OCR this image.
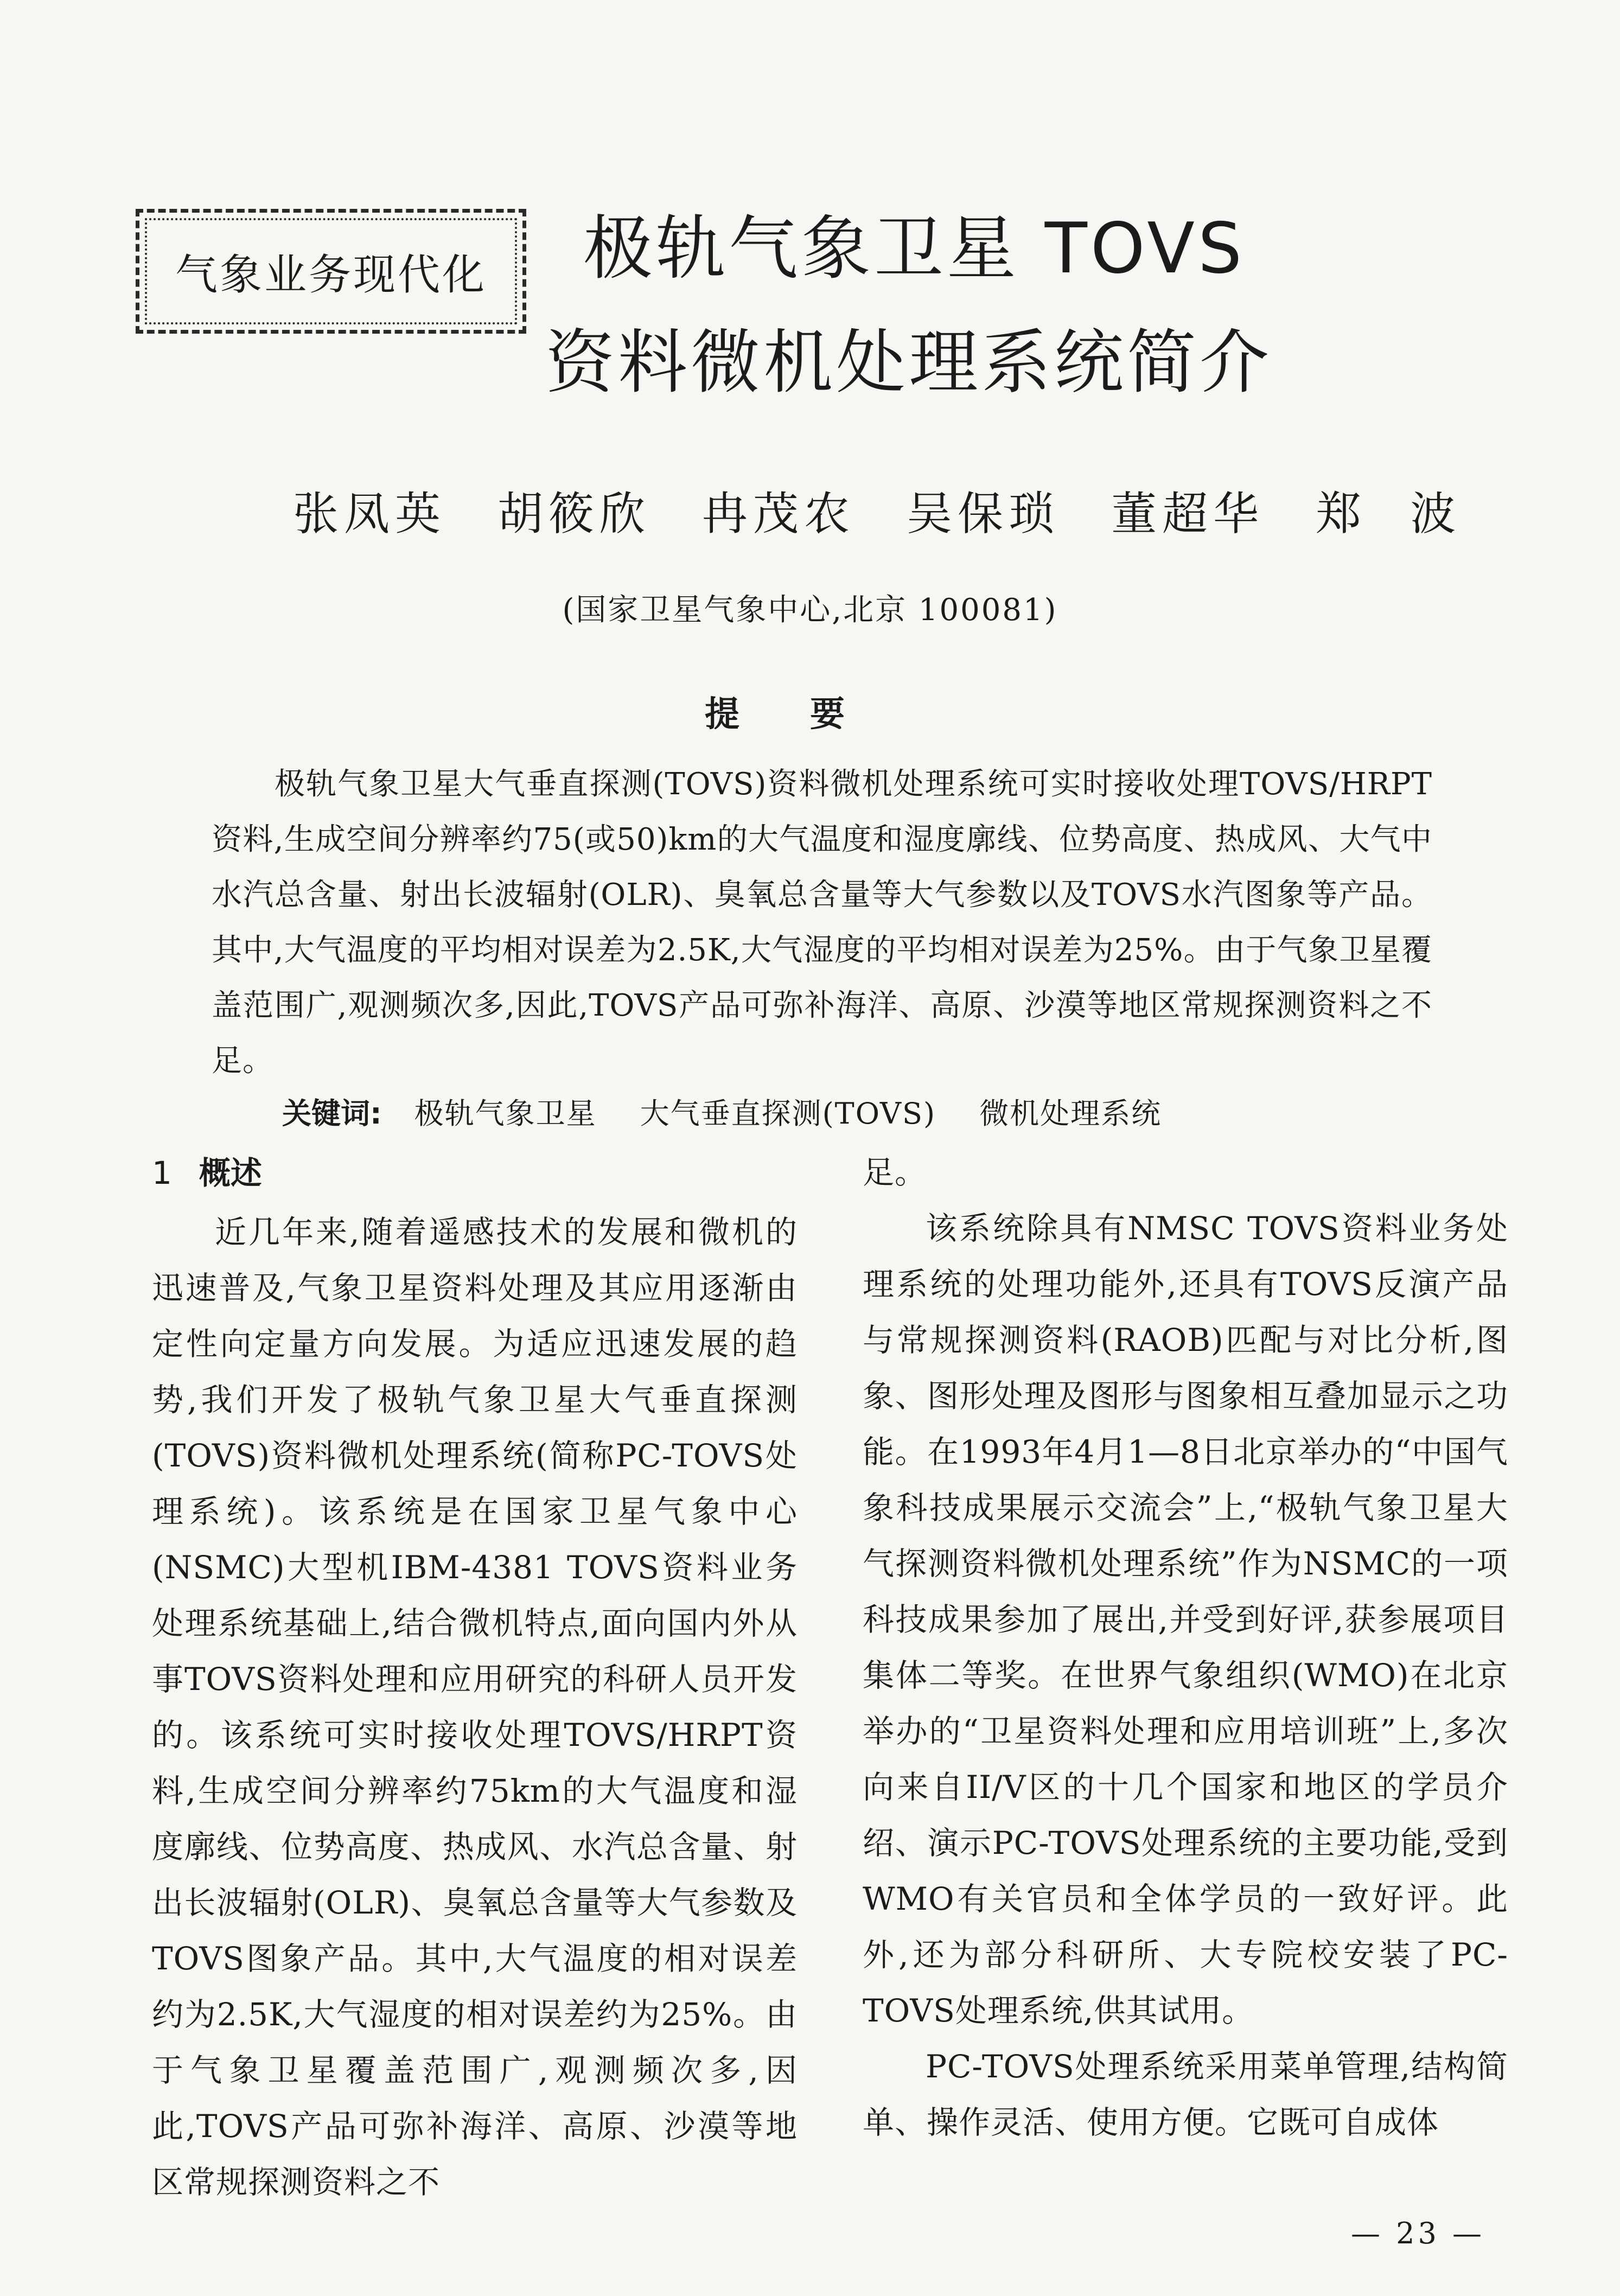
气象业务现代化	极轨气象卫星 TOVS
资料微机处理系统简介
张凤英 胡筱欣 冉茂农 吴保琐 董超华 郑波
(国家卫星气象中心,北京 100081)
提要

极轨气象卫星大气垂直探测(TOVS)资料微机处理系统可实时接收处理TOVS/HRPT资料,生成空间分辨率约75(或50)km的大气温度和湿度廓线、位势高度、热成风、大气中水汽总含量、射出长波辐射(OLR)、臭氧总含量等大气参数以及TOVS水汽图象等产品。其中,大气温度的平均相对误差为2.5K,大气湿度的平均相对误差为25%。由于气象卫星覆盖范围广,观测频次多,因此,TOVS产品可弥补海洋、高原、沙漠等地区常规探测资料之不足。

关键词: 极轨气象卫星 大气垂直探测(TOVS) 微机处理系统
1 概述

近几年来,随着遥感技术的发展和微机的迅速普及,气象卫星资料处理及其应用逐渐由定性向定量方向发展。为适应迅速发展的趋势,我们开发了极轨气象卫星大气垂直探测(TOVS)资料微机处理系统(简称PC-TOVS处理系统)。该系统是在国家卫星气象中心(NSMC)大型机IBM-4381 TOVS资料业务处理系统基础上,结合微机特点,面向国内外从事TOVS资料处理和应用研究的科研人员开发的。该系统可实时接收处理TOVS/HRPT资料,生成空间分辨率约75km的大气温度和湿度廓线、位势高度、热成风、水汽总含量、射出长波辐射(OLR)、臭氧总含量等大气参数及TOVS图象产品。其中,大气温度的相对误差约为2.5K,大气湿度的相对误差约为25%。由于气象卫星覆盖范围广,观测频次多,因此,TOVS产品可弥补海洋、高原、沙漠等地区常规探测资料之不

足。

该系统除具有NMSC TOVS资料业务处理系统的处理功能外,还具有TOVS反演产品与常规探测资料(RAOB)匹配与对比分析,图象、图形处理及图形与图象相互叠加显示之功能。在1993年4月1—8日北京举办的“中国气象科技成果展示交流会”上,“极轨气象卫星大气探测资料微机处理系统”作为NSMC的一项科技成果参加了展出,并受到好评,获参展项目集体二等奖。在世界气象组织(WMO)在北京举办的“卫星资料处理和应用培训班”上,多次向来自II/V区的十几个国家和地区的学员介绍、演示PC-TOVS处理系统的主要功能,受到WMO有关官员和全体学员的一致好评。此外,还为部分科研所、大专院校安装了PC-TOVS处理系统,供其试用。

PC-TOVS处理系统采用菜单管理,结构简单、操作灵活、使用方便。它既可自成体

— 23 —
